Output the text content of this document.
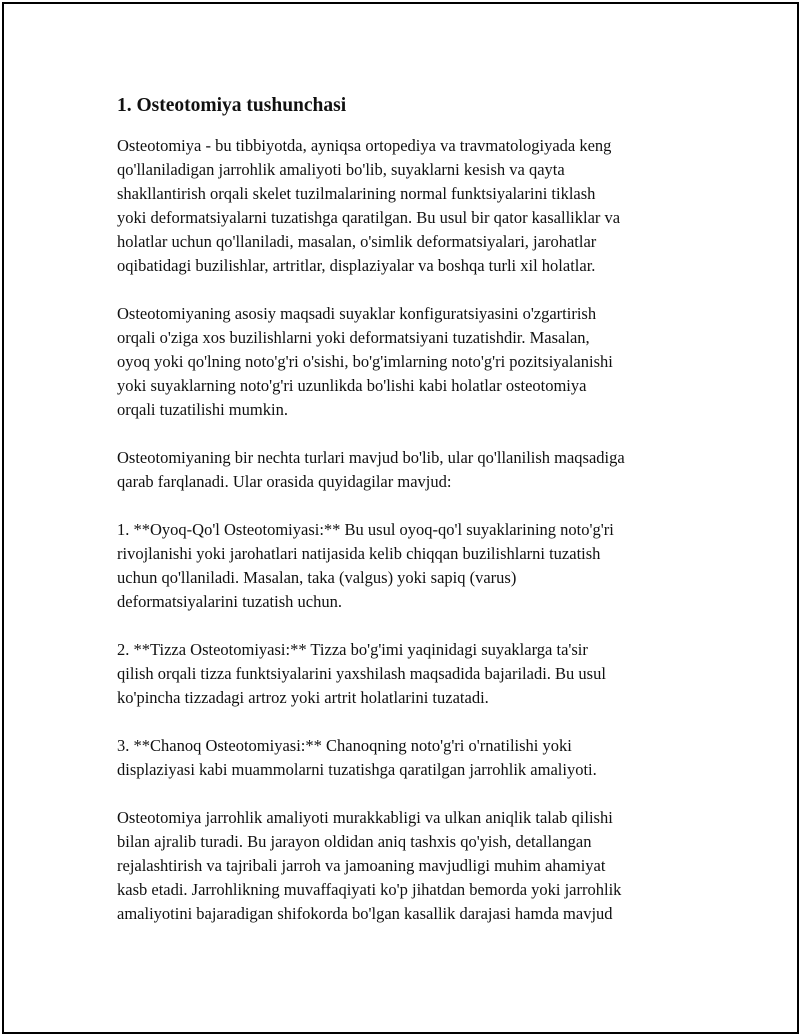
1. Osteotomiya tushunchasi

Osteotomiya - bu tibbiyotda, ayniqsa ortopediya va travmatologiyada keng
qo'llaniladigan jarrohlik amaliyoti bo'lib, suyaklarni kesish va qayta
shakllantirish orqali skelet tuzilmalarining normal funktsiyalarini tiklash
yoki deformatsiyalarni tuzatishga qaratilgan. Bu usul bir qator kasalliklar va
holatlar uchun qo'llaniladi, masalan, o'simlik deformatsiyalari, jarohatlar
oqibatidagi buzilishlar, artritlar, displaziyalar va boshqa turli xil holatlar.

Osteotomiyaning asosiy maqsadi suyaklar konfiguratsiyasini o'zgartirish
orqali o'ziga xos buzilishlarni yoki deformatsiyani tuzatishdir. Masalan,
oyoq yoki qo'lning noto'g'ri o'sishi, bo'g'imlarning noto'g'ri pozitsiyalanishi
yoki suyaklarning noto'g'ri uzunlikda bo'lishi kabi holatlar osteotomiya
orqali tuzatilishi mumkin.

Osteotomiyaning bir nechta turlari mavjud bo'lib, ular qo'llanilish maqsadiga
qarab farqlanadi. Ular orasida quyidagilar mavjud:

1. **Oyoq-Qo'l Osteotomiyasi:** Bu usul oyoq-qo'l suyaklarining noto'g'ri
rivojlanishi yoki jarohatlari natijasida kelib chiqqan buzilishlarni tuzatish
uchun qo'llaniladi. Masalan, taka (valgus) yoki sapiq (varus)
deformatsiyalarini tuzatish uchun.

2. **Tizza Osteotomiyasi:** Tizza bo'g'imi yaqinidagi suyaklarga ta'sir
qilish orqali tizza funktsiyalarini yaxshilash maqsadida bajariladi. Bu usul
ko'pincha tizzadagi artroz yoki artrit holatlarini tuzatadi.

3. **Chanoq Osteotomiyasi:** Chanoqning noto'g'ri o'rnatilishi yoki
displaziyasi kabi muammolarni tuzatishga qaratilgan jarrohlik amaliyoti.

Osteotomiya jarrohlik amaliyoti murakkabligi va ulkan aniqlik talab qilishi
bilan ajralib turadi. Bu jarayon oldidan aniq tashxis qo'yish, detallangan
rejalashtirish va tajribali jarroh va jamoaning mavjudligi muhim ahamiyat
kasb etadi. Jarrohlikning muvaffaqiyati ko'p jihatdan bemorda yoki jarrohlik
amaliyotini bajaradigan shifokorda bo'lgan kasallik darajasi hamda mavjud
